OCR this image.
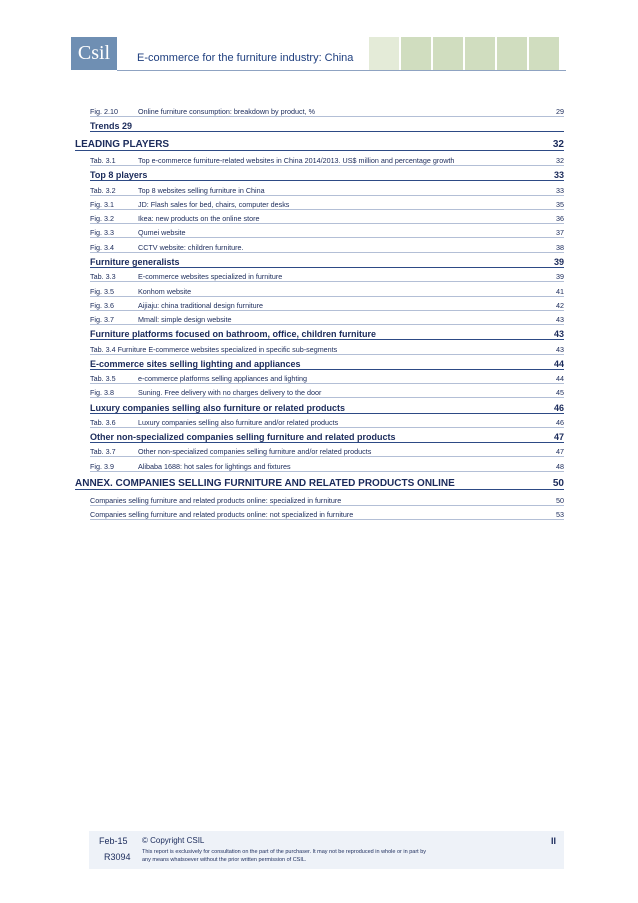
Csil	E-commerce for the furniture industry: China
Fig. 2.10	Online furniture consumption: breakdown by product, %	29
Trends 29
LEADING PLAYERS	32
Tab. 3.1	Top e-commerce furniture-related websites in China 2014/2013. US$ million and percentage growth	32
Top 8 players	33
Tab. 3.2	Top 8 websites selling furniture in China	33
Fig. 3.1	JD: Flash sales for bed, chairs, computer desks	35
Fig. 3.2	Ikea: new products on the online store	36
Fig. 3.3	Qumei website	37
Fig. 3.4	CCTV website: children furniture.	38
Furniture generalists	39
Tab. 3.3	E-commerce websites specialized in furniture	39
Fig. 3.5	Konhom website	41
Fig. 3.6	Aijiaju: china traditional design furniture	42
Fig. 3.7	Mmall: simple design website	43
Furniture platforms focused on bathroom, office, children furniture	43
Tab. 3.4 Furniture E-commerce websites specialized in specific sub-segments	43
E-commerce sites selling lighting and appliances	44
Tab. 3.5	e-commerce platforms selling appliances and lighting	44
Fig. 3.8	Suning. Free delivery with no charges delivery to the door	45
Luxury companies selling also furniture or related products	46
Tab. 3.6	Luxury companies selling also furniture and/or related products	46
Other non-specialized companies selling furniture and related products	47
Tab. 3.7	Other non-specialized companies selling furniture and/or related products	47
Fig. 3.9	Alibaba 1688: hot sales for lightings and fixtures	48
ANNEX. COMPANIES SELLING FURNITURE AND RELATED PRODUCTS ONLINE	50
Companies selling furniture and related products online: specialized in furniture	50
Companies selling furniture and related products online: not specialized in furniture	53
Feb-15
R3094
© Copyright CSIL
This report is exclusively for consultation on the part of the purchaser. It may not be reproduced in whole or in part by any means whatsoever without the prior written permission of CSIL.
II
